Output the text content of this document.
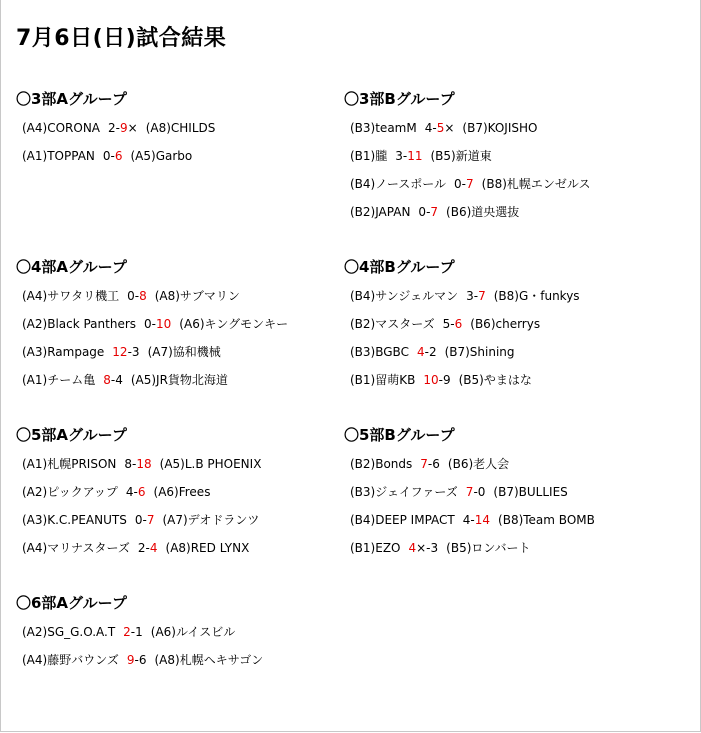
7月6日(日)試合結果
〇3部Aグループ
(A4)CORONA 2-9× (A8)CHILDS
(A1)TOPPAN 0-6 (A5)Garbo
〇3部Bグループ
(B3)teamM 4-5× (B7)KOJISHO
(B1)朧 3-11 (B5)新道東
(B4)ノースポール 0-7 (B8)札幌エンゼルス
(B2)JAPAN 0-7 (B6)道央選抜
〇4部Aグループ
(A4)サワタリ機工 0-8 (A8)サブマリン
(A2)Black Panthers 0-10 (A6)キングモンキー
(A3)Rampage 12-3 (A7)協和機械
(A1)チーム亀 8-4 (A5)JR貨物北海道
〇4部Bグループ
(B4)サンジェルマン 3-7 (B8)G・funkys
(B2)マスターズ 5-6 (B6)cherrys
(B3)BGBC 4-2 (B7)Shining
(B1)留萌KB 10-9 (B5)やまはな
〇5部Aグループ
(A1)札幌PRISON 8-18 (A5)L.B PHOENIX
(A2)ピックアップ 4-6 (A6)Frees
(A3)K.C.PEANUTS 0-7 (A7)デオドランツ
(A4)マリナスターズ 2-4 (A8)RED LYNX
〇5部Bグループ
(B2)Bonds 7-6 (B6)老人会
(B3)ジェイファーズ 7-0 (B7)BULLIES
(B4)DEEP IMPACT 4-14 (B8)Team BOMB
(B1)EZO 4×-3 (B5)ロンバート
〇6部Aグループ
(A2)SG_G.O.A.T 2-1 (A6)ルイスビル
(A4)藤野バウンズ 9-6 (A8)札幌ヘキサゴン
